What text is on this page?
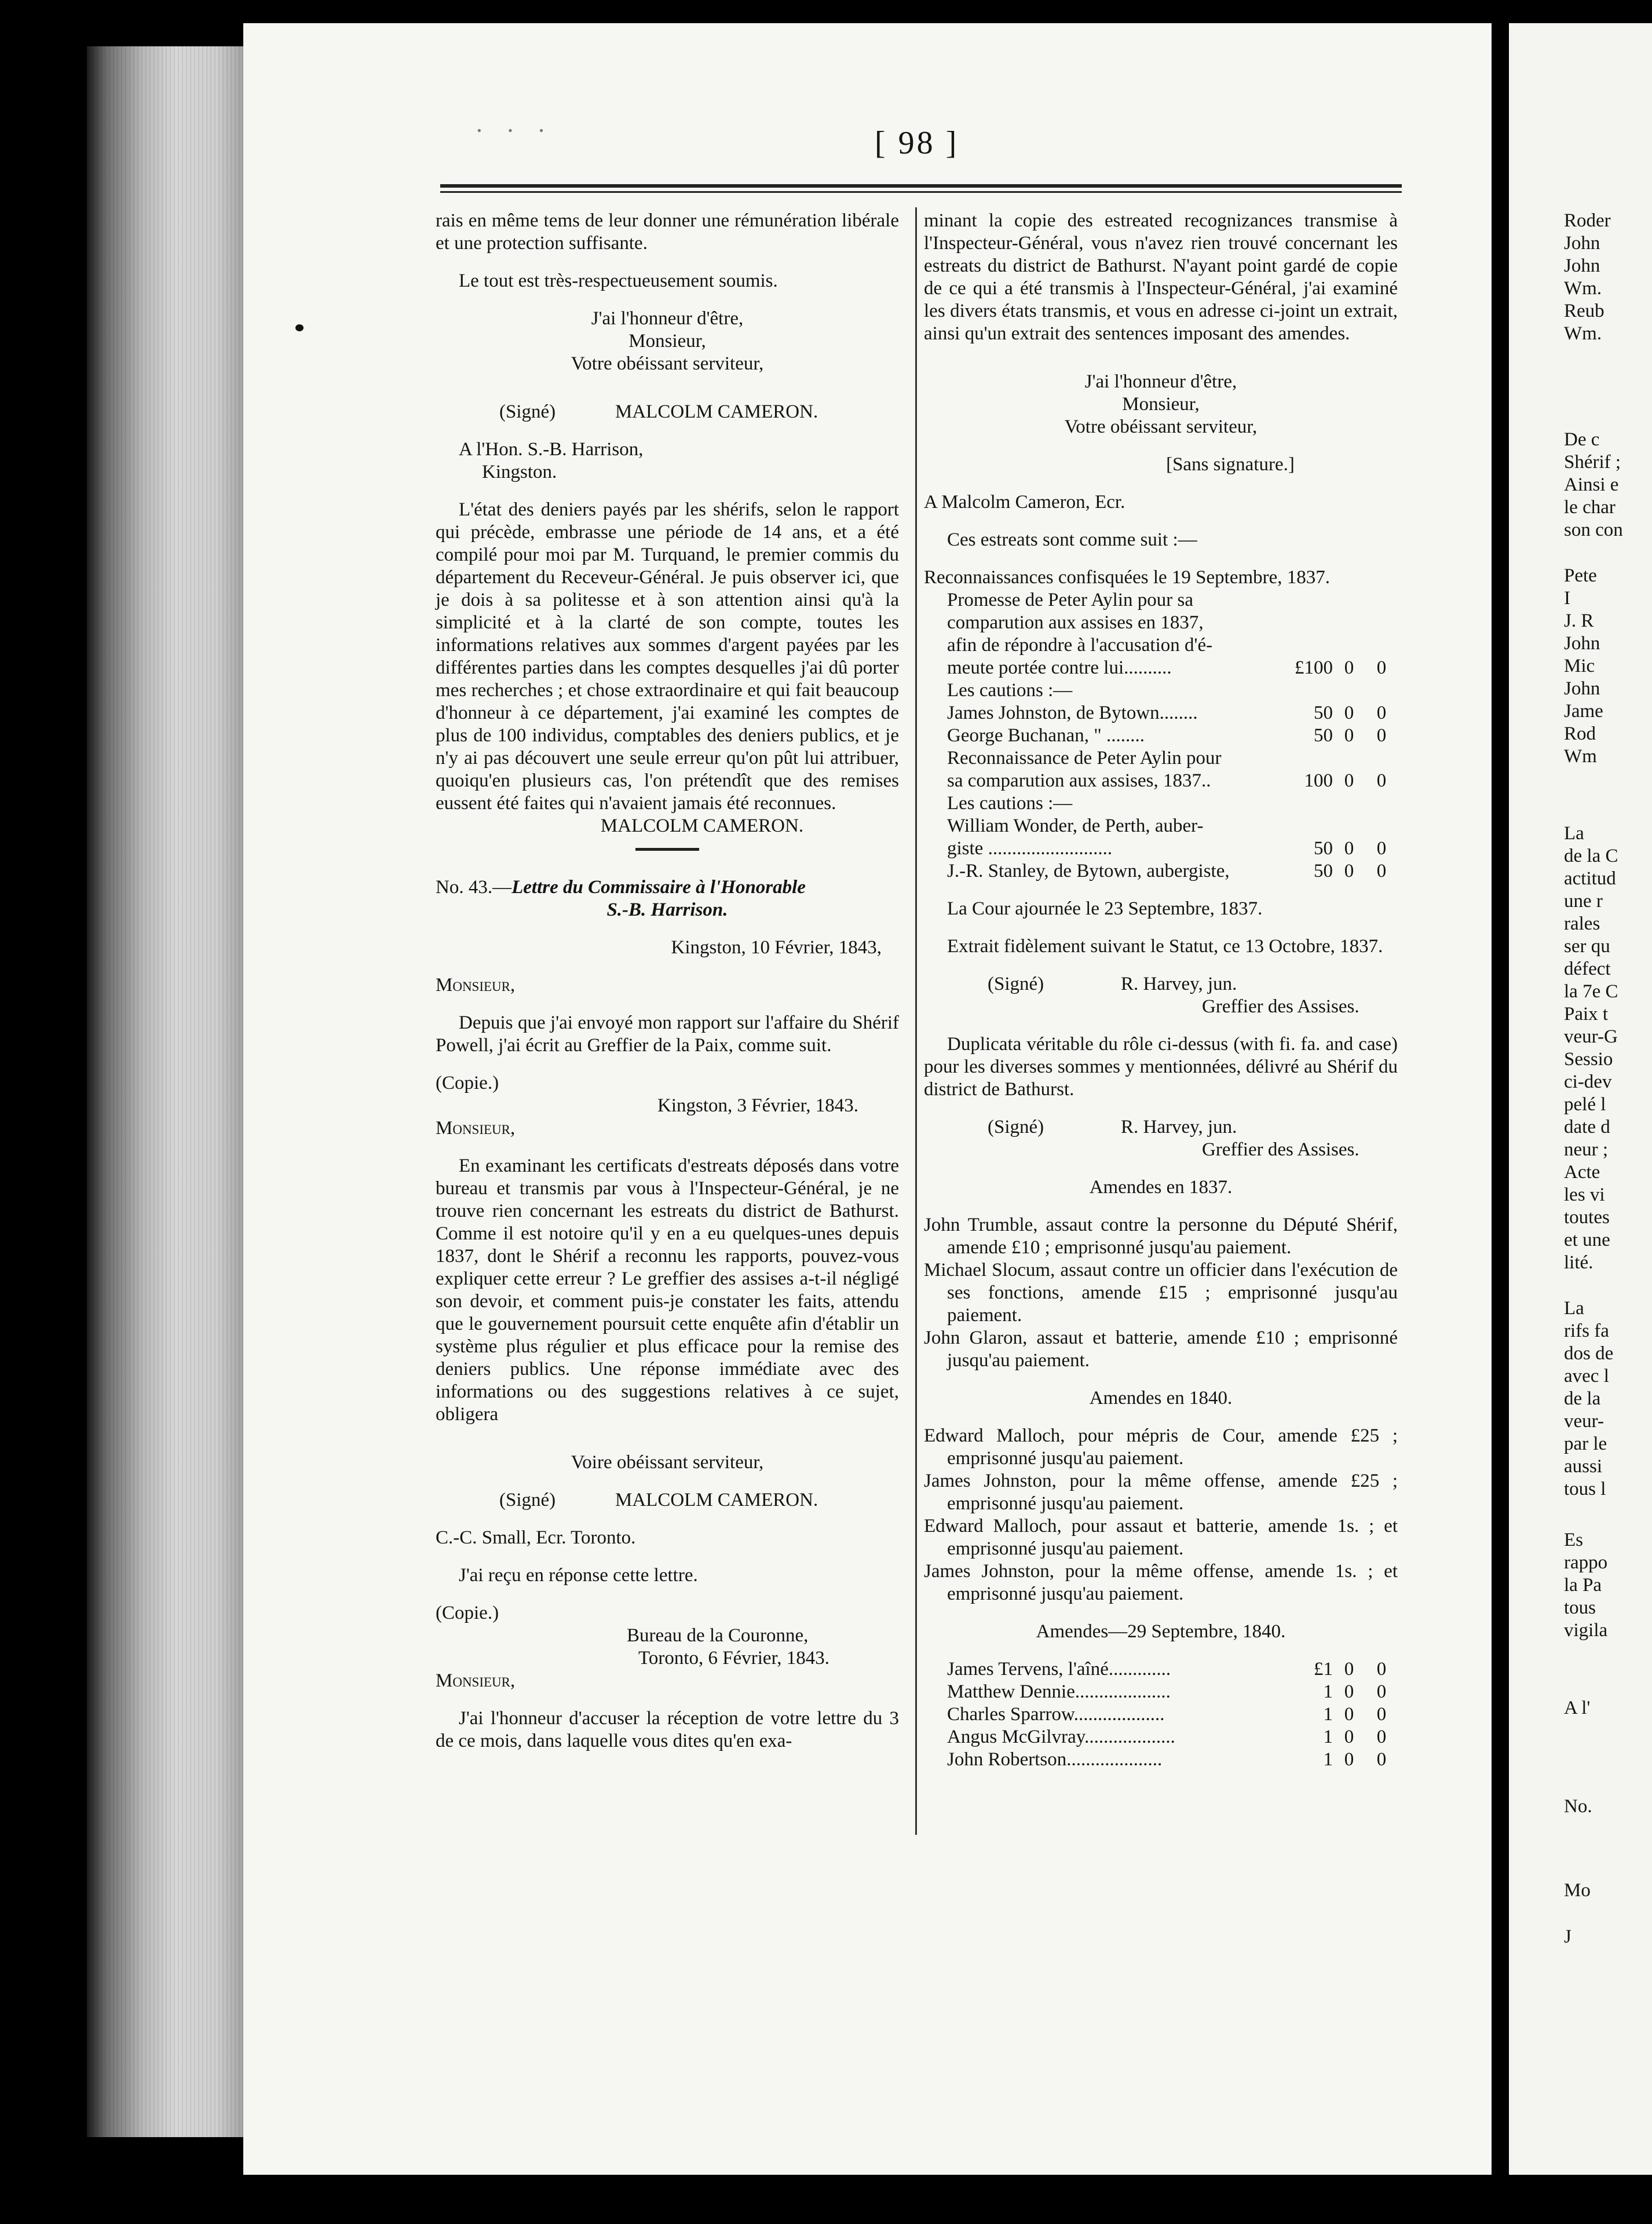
· · ·	[ 98 ]

rais en même tems de leur donner une rémunération libérale et une protection suffisante.

Le tout est très-respectueusement soumis.

J'ai l'honneur d'être,

Monsieur,

Votre obéissant serviteur,

(Signé)	MALCOLM CAMERON.

A l'Hon. S.-B. Harrison,

Kingston.

L'état des deniers payés par les shérifs, selon le rapport qui précède, embrasse une période de 14 ans, et a été compilé pour moi par M. Turquand, le premier commis du département du Receveur-Général. Je puis observer ici, que je dois à sa politesse et à son attention ainsi qu'à la simplicité et à la clarté de son compte, toutes les informations relatives aux sommes d'argent payées par les différentes parties dans les comptes desquelles j'ai dû porter mes recherches ; et chose extraordinaire et qui fait beaucoup d'honneur à ce département, j'ai examiné les comptes de plus de 100 individus, comptables des deniers publics, et je n'y ai pas découvert une seule erreur qu'on pût lui attribuer, quoiqu'en plusieurs cas, l'on prétendît que des remises eussent été faites qui n'avaient jamais été reconnues.

MALCOLM CAMERON.

No. 43.—Lettre du Commissaire à l'Honorable

S.-B. Harrison.

Kingston, 10 Février, 1843,

Monsieur,

Depuis que j'ai envoyé mon rapport sur l'affaire du Shérif Powell, j'ai écrit au Greffier de la Paix, comme suit.

(Copie.)

Kingston, 3 Février, 1843.

Monsieur,

En examinant les certificats d'estreats déposés dans votre bureau et transmis par vous à l'Inspecteur-Général, je ne trouve rien concernant les estreats du district de Bathurst. Comme il est notoire qu'il y en a eu quelques-unes depuis 1837, dont le Shérif a reconnu les rapports, pouvez-vous expliquer cette erreur ? Le greffier des assises a-t-il négligé son devoir, et comment puis-je constater les faits, attendu que le gouvernement poursuit cette enquête afin d'établir un système plus régulier et plus efficace pour la remise des deniers publics. Une réponse immédiate avec des informations ou des suggestions relatives à ce sujet, obligera

Voire obéissant serviteur,

(Signé)	MALCOLM CAMERON.

C.-C. Small, Ecr. Toronto.

J'ai reçu en réponse cette lettre.

(Copie.)

Bureau de la Couronne,

Toronto, 6 Février, 1843.

Monsieur,

J'ai l'honneur d'accuser la réception de votre lettre du 3 de ce mois, dans laquelle vous dites qu'en exa-

minant la copie des estreated recognizances transmise à l'Inspecteur-Général, vous n'avez rien trouvé concernant les estreats du district de Bathurst. N'ayant point gardé de copie de ce qui a été transmis à l'Inspecteur-Général, j'ai examiné les divers états transmis, et vous en adresse ci-joint un extrait, ainsi qu'un extrait des sentences imposant des amendes.

J'ai l'honneur d'être,

Monsieur,

Votre obéissant serviteur,

[Sans signature.]

A Malcolm Cameron, Ecr.

Ces estreats sont comme suit :—

Reconnaissances confisquées le 19 Septembre, 1837.

Promesse de Peter Aylin pour sa			
comparution aux assises en 1837,			
afin de répondre à l'accusation d'é-			
meute portée contre lui..........	£100	0	0
Les cautions :—			
James Johnston, de Bytown........	50	0	0
George Buchanan, " ........	50	0	0
Reconnaissance de Peter Aylin pour			
sa comparution aux assises, 1837..	100	0	0
Les cautions :—			
William Wonder, de Perth, auber-			
giste ..........................	50	0	0
J.-R. Stanley, de Bytown, aubergiste,	50	0	0

La Cour ajournée le 23 Septembre, 1837.

Extrait fidèlement suivant le Statut, ce 13 Octobre, 1837.

(Signé)	R. Harvey, jun.
Greffier des Assises.

Duplicata véritable du rôle ci-dessus (with fi. fa. and case) pour les diverses sommes y mentionnées, délivré au Shérif du district de Bathurst.

(Signé)	R. Harvey, jun.
Greffier des Assises.

Amendes en 1837.

John Trumble, assaut contre la personne du Député Shérif, amende £10 ; emprisonné jusqu'au paiement.

Michael Slocum, assaut contre un officier dans l'exécution de ses fonctions, amende £15 ; emprisonné jusqu'au paiement.

John Glaron, assaut et batterie, amende £10 ; emprisonné jusqu'au paiement.

Amendes en 1840.

Edward Malloch, pour mépris de Cour, amende £25 ; emprisonné jusqu'au paiement.

James Johnston, pour la même offense, amende £25 ; emprisonné jusqu'au paiement.

Edward Malloch, pour assaut et batterie, amende 1s. ; et emprisonné jusqu'au paiement.

James Johnston, pour la même offense, amende 1s. ; et emprisonné jusqu'au paiement.

Amendes—29 Septembre, 1840.

James Tervens, l'aîné.............	£1	0	0
Matthew Dennie....................	1	0	0
Charles Sparrow...................	1	0	0
Angus McGilvray...................	1	0	0
John Robertson....................	1	0	0
Roder
John
John
Wm.
Reub
Wm.
De c
Shérif ;
Ainsi e
le char
son con
Pete
I
J. R
John
Mic
John
Jame
Rod
Wm
La
de la C
actitud
une r
rales
ser qu
défect
la 7e C
Paix t
veur-G
Sessio
ci-dev
pelé l
date d
neur ;
Acte
les vi
toutes
et une
lité.
La
rifs fa
dos de
avec l
de la
veur-
par le
aussi
tous l
Es
rappo
la Pa
tous
vigila
A l'
No.
Mo
J
